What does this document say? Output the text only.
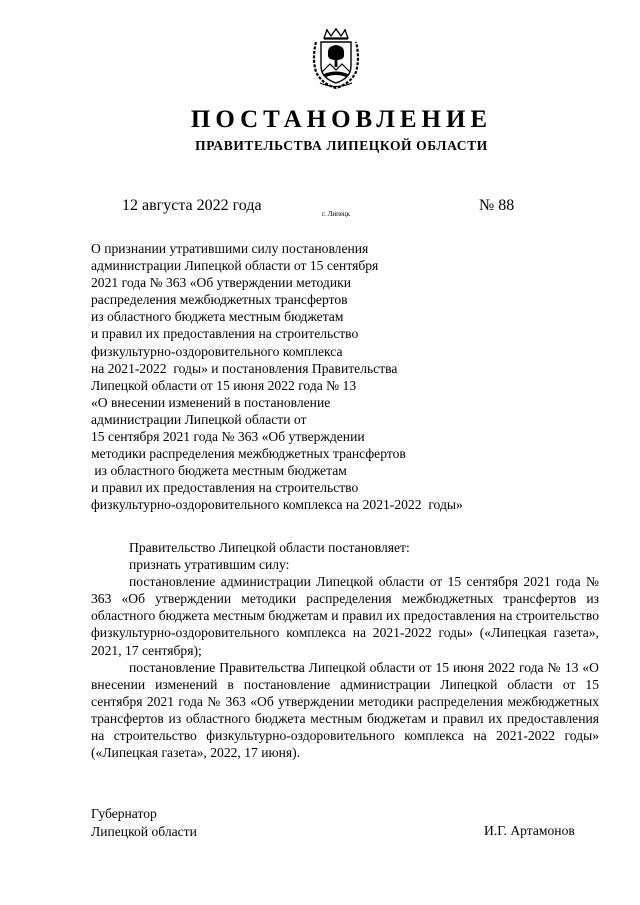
ПОСТАНОВЛЕНИЕ
ПРАВИТЕЛЬСТВА ЛИПЕЦКОЙ ОБЛАСТИ
12 августа 2022 года	г. Липецк	№ 88
О признании утратившими силу постановления
администрации Липецкой области от 15 сентября
2021 года № 363 «Об утверждении методики
распределения межбюджетных трансфертов
из областного бюджета местным бюджетам
и правил их предоставления на строительство
физкультурно-оздоровительного комплекса
на 2021-2022  годы» и постановления Правительства
Липецкой области от 15 июня 2022 года № 13
«О внесении изменений в постановление
администрации Липецкой области от
15 сентября 2021 года № 363 «Об утверждении
методики распределения межбюджетных трансфертов
из областного бюджета местным бюджетам
и правил их предоставления на строительство
физкультурно-оздоровительного комплекса на 2021-2022  годы»
Правительство Липецкой области постановляет:
признать утратившим силу:
постановление администрации Липецкой области от 15 сентября 2021 года № 363 «Об утверждении методики распределения межбюджетных трансфертов из областного бюджета местным бюджетам и правил их предоставления на строительство физкультурно-оздоровительного комплекса на 2021-2022 годы» («Липецкая газета», 2021, 17 сентября);
постановление Правительства Липецкой области от 15 июня 2022 года № 13 «О внесении изменений в постановление администрации Липецкой области от 15 сентября 2021 года № 363 «Об утверждении методики распределения межбюджетных трансфертов из областного бюджета местным бюджетам и правил их предоставления на строительство физкультурно-оздоровительного комплекса на 2021-2022 годы» («Липецкая газета», 2022, 17 июня).
Губернатор
Липецкой области	И.Г. Артамонов
